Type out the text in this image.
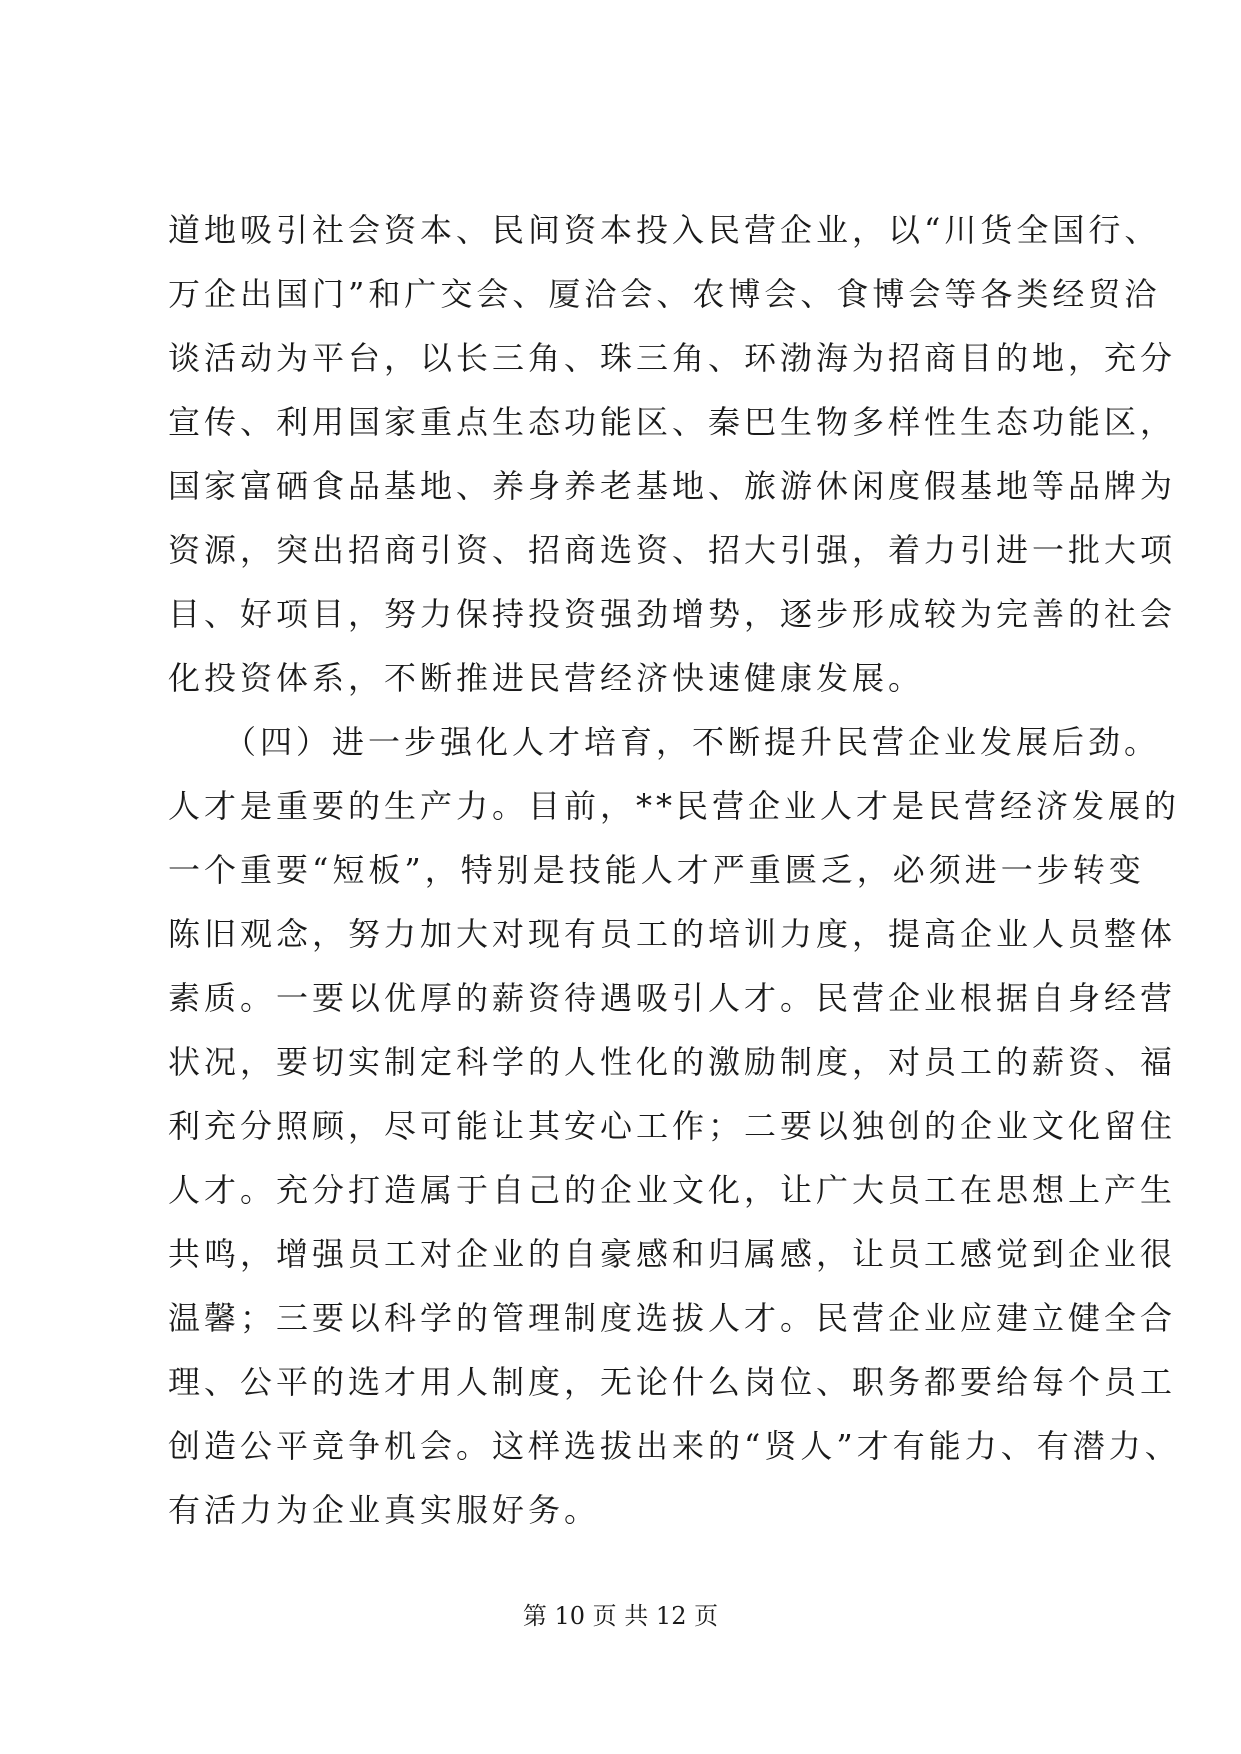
道地吸引社会资本、民间资本投入民营企业，以“川货全国行、
万企出国门”和广交会、厦洽会、农博会、食博会等各类经贸洽
谈活动为平台，以长三角、珠三角、环渤海为招商目的地，充分
宣传、利用国家重点生态功能区、秦巴生物多样性生态功能区，
国家富硒食品基地、养身养老基地、旅游休闲度假基地等品牌为
资源，突出招商引资、招商选资、招大引强，着力引进一批大项
目、好项目，努力保持投资强劲增势，逐步形成较为完善的社会
化投资体系，不断推进民营经济快速健康发展。
　　（四）进一步强化人才培育，不断提升民营企业发展后劲。
人才是重要的生产力。目前，**民营企业人才是民营经济发展的
一个重要“短板”，特别是技能人才严重匮乏，必须进一步转变
陈旧观念，努力加大对现有员工的培训力度，提高企业人员整体
素质。一要以优厚的薪资待遇吸引人才。民营企业根据自身经营
状况，要切实制定科学的人性化的激励制度，对员工的薪资、福
利充分照顾，尽可能让其安心工作；二要以独创的企业文化留住
人才。充分打造属于自己的企业文化，让广大员工在思想上产生
共鸣，增强员工对企业的自豪感和归属感，让员工感觉到企业很
温馨；三要以科学的管理制度选拔人才。民营企业应建立健全合
理、公平的选才用人制度，无论什么岗位、职务都要给每个员工
创造公平竞争机会。这样选拔出来的“贤人”才有能力、有潜力、
有活力为企业真实服好务。
第 10 页 共 12 页
